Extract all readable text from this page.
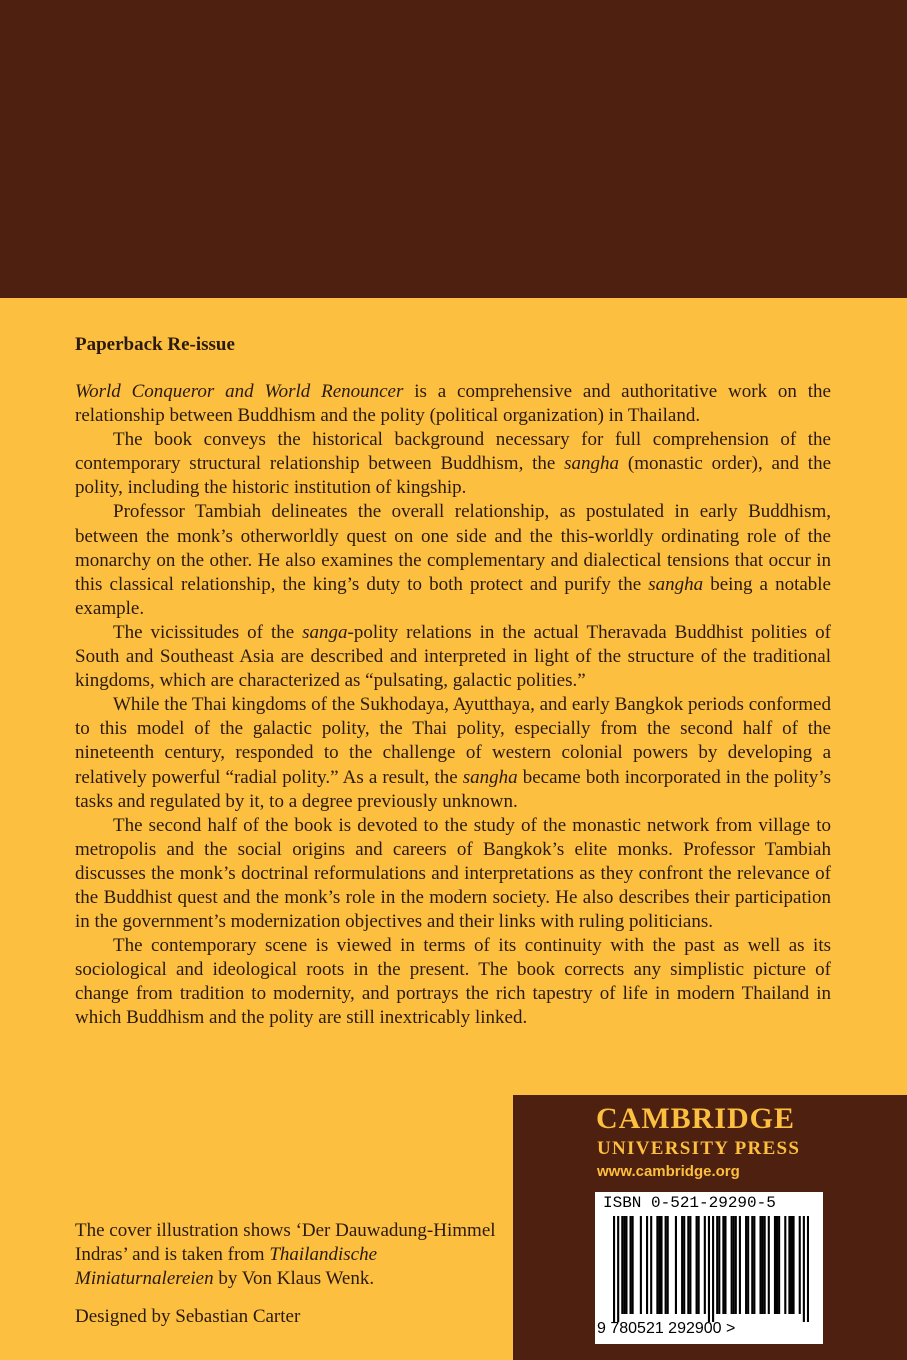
Paperback Re-issue

World Conqueror and World Renouncer is a comprehensive and authoritative work on the relationship between Buddhism and the polity (political organization) in Thailand.

The book conveys the historical background necessary for full comprehension of the contemporary structural relationship between Buddhism, the sangha (monastic order), and the polity, including the historic institution of kingship.

Professor Tambiah delineates the overall relationship, as postulated in early Buddhism, between the monk’s otherworldly quest on one side and the this-worldly ordinating role of the monarchy on the other. He also examines the complementary and dialectical tensions that occur in this classical relationship, the king’s duty to both protect and purify the sangha being a notable example.

The vicissitudes of the sanga-polity relations in the actual Theravada Buddhist polities of South and Southeast Asia are described and interpreted in light of the structure of the traditional kingdoms, which are characterized as “pulsating, galactic polities.”

While the Thai kingdoms of the Sukhodaya, Ayutthaya, and early Bangkok periods conformed to this model of the galactic polity, the Thai polity, especially from the second half of the nineteenth century, responded to the challenge of western colonial powers by developing a relatively powerful “radial polity.” As a result, the sangha became both incorporated in the polity’s tasks and regulated by it, to a degree previously unknown.

The second half of the book is devoted to the study of the monastic network from village to metropolis and the social origins and careers of Bangkok’s elite monks. Professor Tambiah discusses the monk’s doctrinal reformulations and interpretations as they confront the relevance of the Buddhist quest and the monk’s role in the modern society. He also describes their participation in the government’s modernization objectives and their links with ruling politicians.

The contemporary scene is viewed in terms of its continuity with the past as well as its sociological and ideological roots in the present. The book corrects any simplistic picture of change from tradition to modernity, and portrays the rich tapestry of life in modern Thailand in which Buddhism and the polity are still inextricably linked.

The cover illustration shows ‘Der Dauwadung-Himmel Indras’ and is taken from Thailandische Miniaturnalereien by Von Klaus Wenk.

Designed by Sebastian Carter

CAMBRIDGE
UNIVERSITY PRESS
www.cambridge.org
ISBN 0-521-29290-5
9 780521 292900 >
